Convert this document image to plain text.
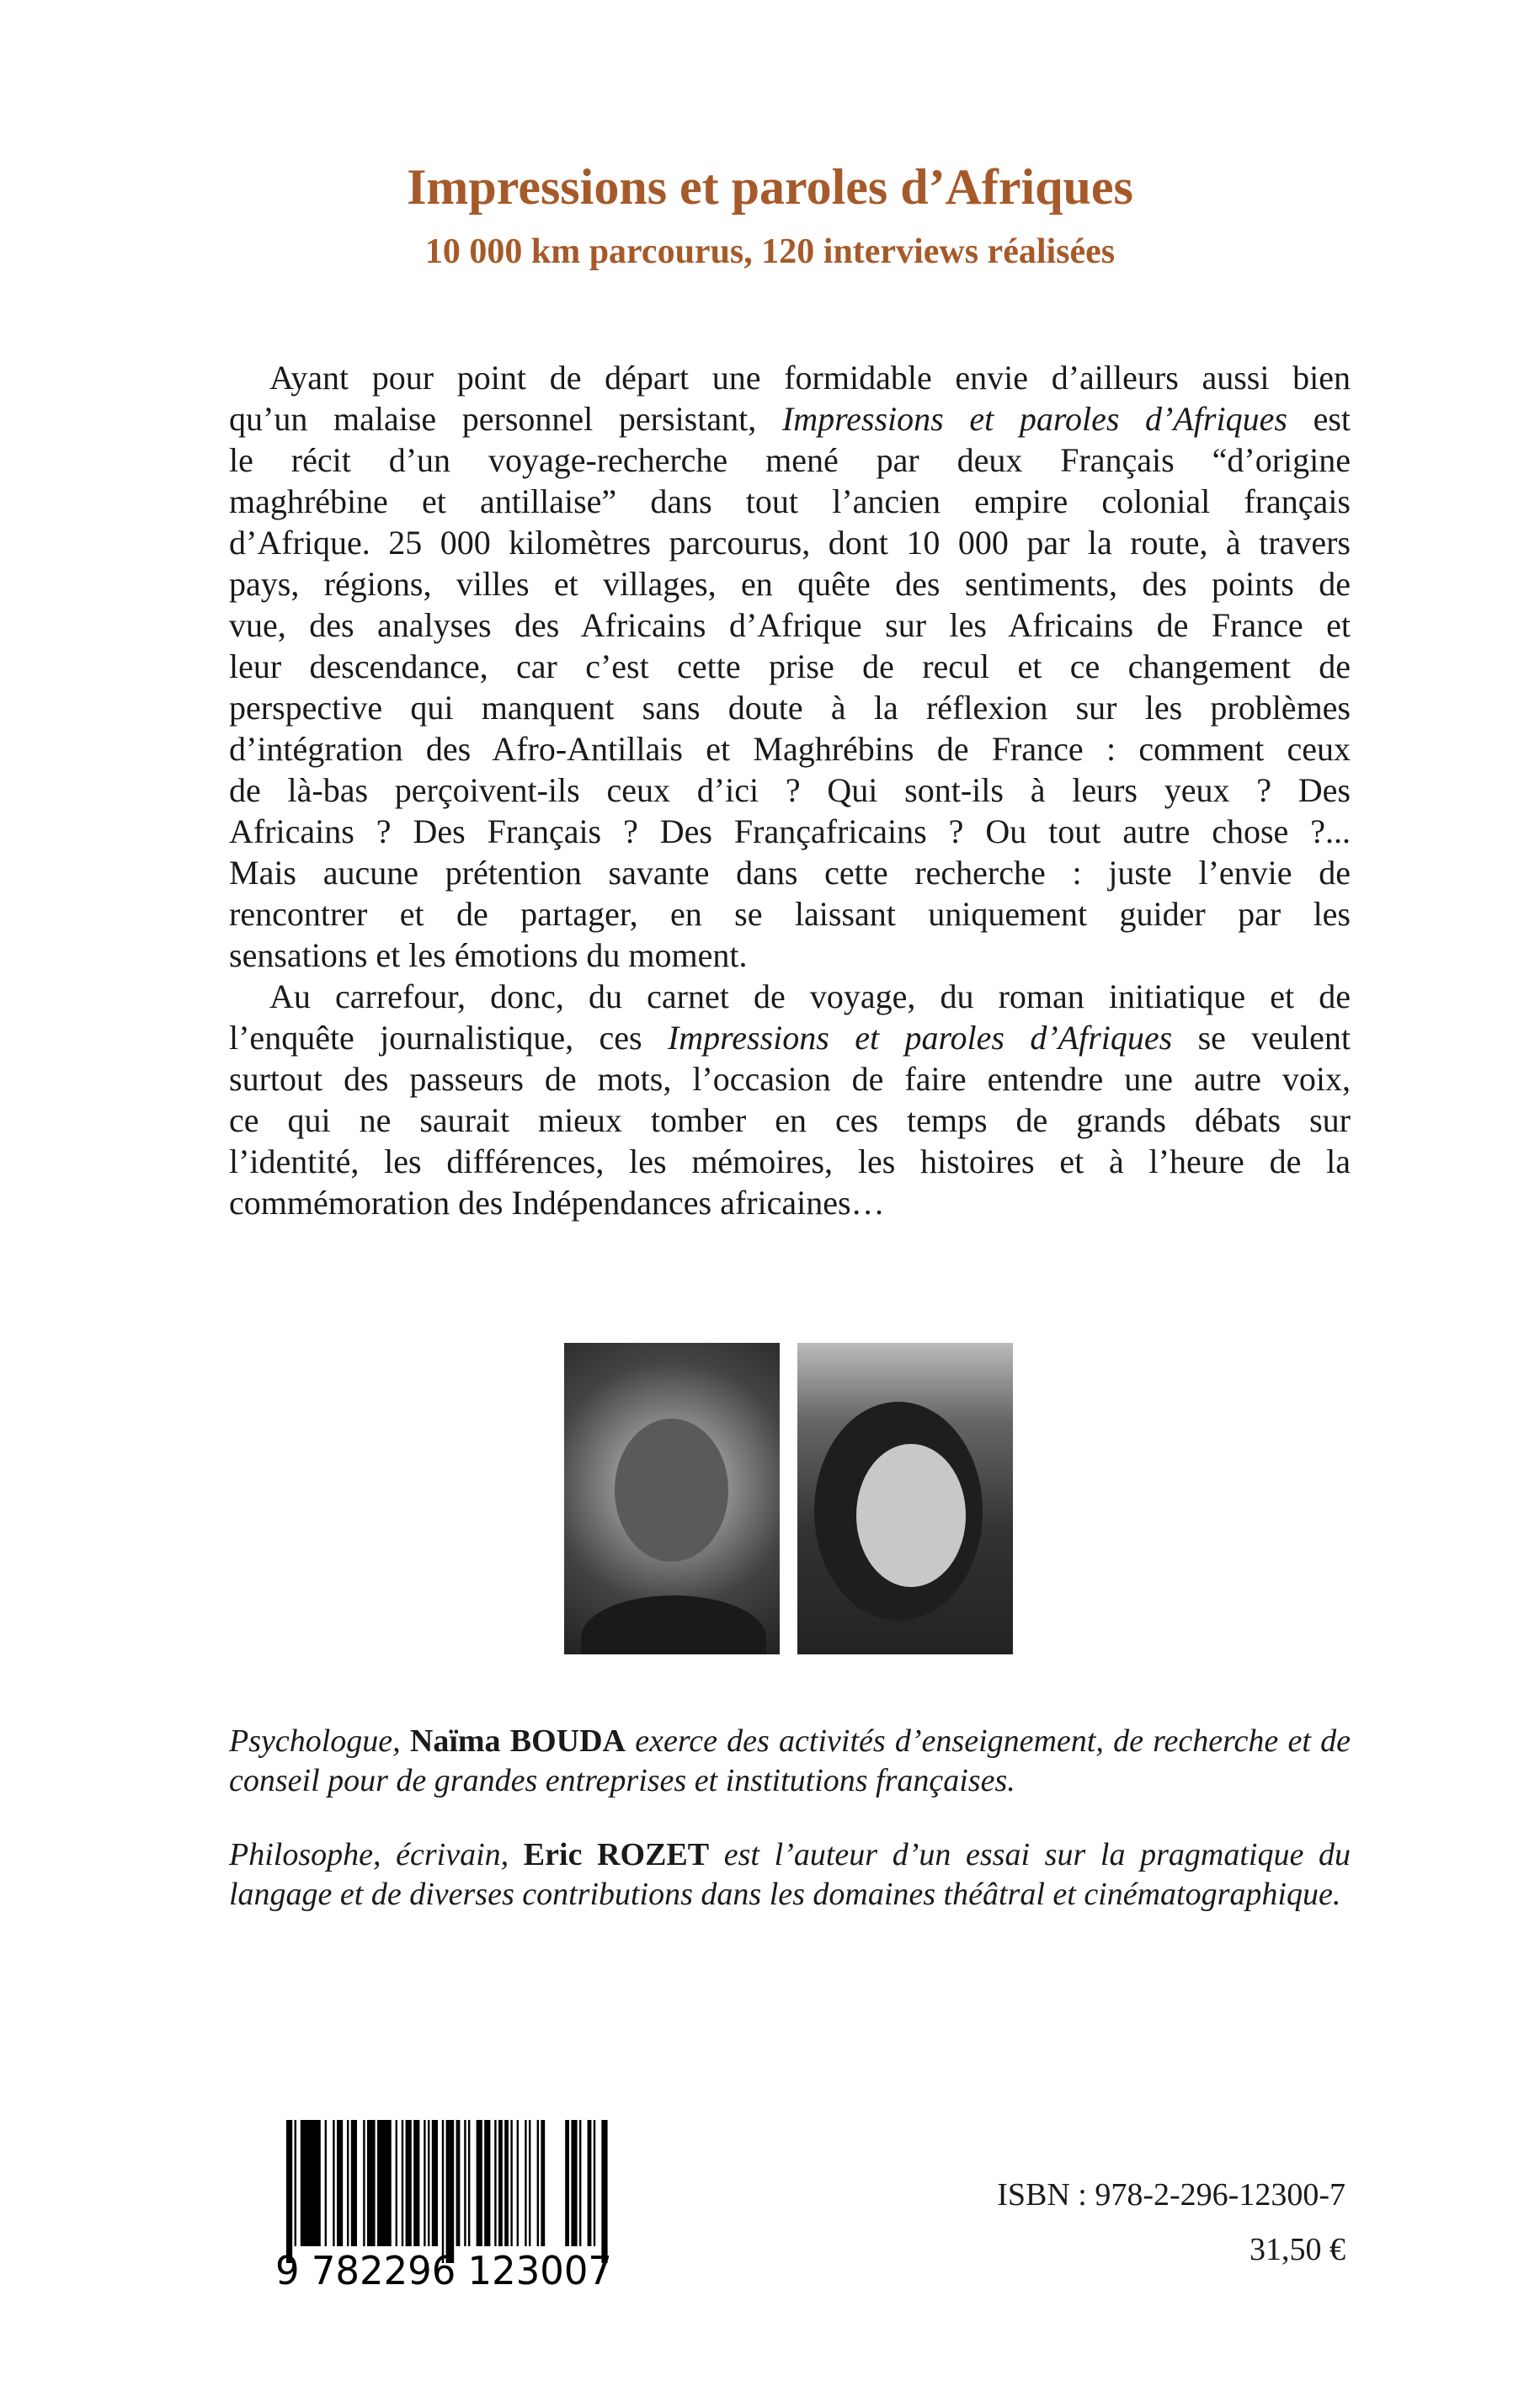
Impressions et paroles d’Afriques
10 000 km parcourus, 120 interviews réalisées
Ayant pour point de départ une formidable envie d’ailleurs aussi bien
qu’un malaise personnel persistant, Impressions et paroles d’Afriques est
le récit d’un voyage-recherche mené par deux Français “d’origine
maghrébine et antillaise” dans tout l’ancien empire colonial français
d’Afrique. 25 000 kilomètres parcourus, dont 10 000 par la route, à travers
pays, régions, villes et villages, en quête des sentiments, des points de
vue, des analyses des Africains d’Afrique sur les Africains de France et
leur descendance, car c’est cette prise de recul et ce changement de
perspective qui manquent sans doute à la réflexion sur les problèmes
d’intégration des Afro-Antillais et Maghrébins de France : comment ceux
de là-bas perçoivent-ils ceux d’ici ? Qui sont-ils à leurs yeux ? Des
Africains ? Des Français ? Des Françafricains ? Ou tout autre chose ?...
Mais aucune prétention savante dans cette recherche : juste l’envie de
rencontrer et de partager, en se laissant uniquement guider par les
sensations et les émotions du moment.
Au carrefour, donc, du carnet de voyage, du roman initiatique et de
l’enquête journalistique, ces Impressions et paroles d’Afriques se veulent
surtout des passeurs de mots, l’occasion de faire entendre une autre voix,
ce qui ne saurait mieux tomber en ces temps de grands débats sur
l’identité, les différences, les mémoires, les histoires et à l’heure de la
commémoration des Indépendances africaines…
Psychologue, Naïma BOUDA exerce des activités d’enseignement, de recherche et de conseil pour de grandes entreprises et institutions françaises.
Philosophe, écrivain, Eric ROZET est l’auteur d’un essai sur la pragmatique du langage et de diverses contributions dans les domaines théâtral et cinématographique.
9 782296 123007
ISBN : 978-2-296-12300-7
31,50 €
